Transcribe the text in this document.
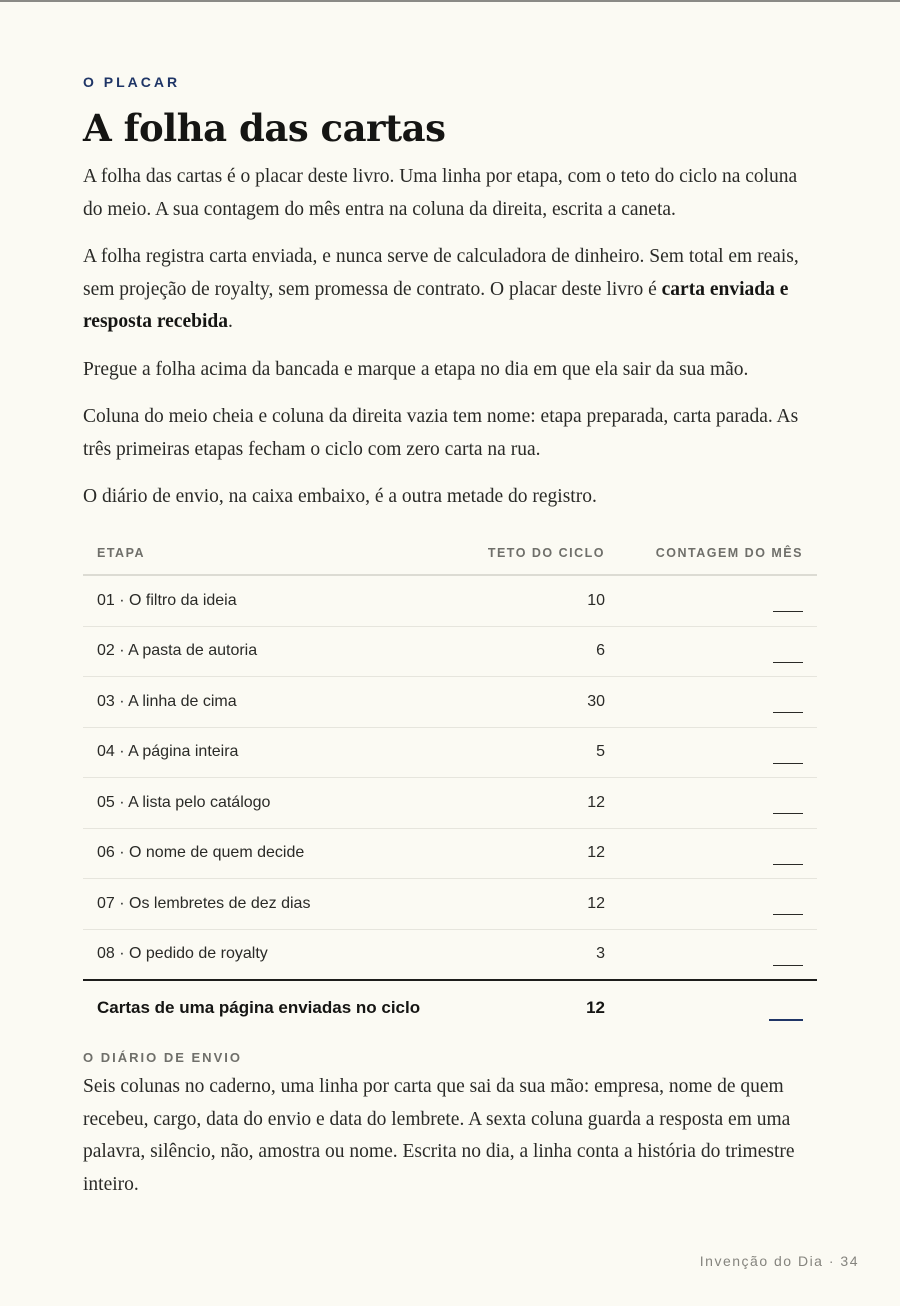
O PLACAR
A folha das cartas

A folha das cartas é o placar deste livro. Uma linha por etapa, com o teto do ciclo na coluna do meio. A sua contagem do mês entra na coluna da direita, escrita a caneta.

A folha registra carta enviada, e nunca serve de calculadora de dinheiro. Sem total em reais, sem projeção de royalty, sem promessa de contrato. O placar deste livro é carta enviada e resposta recebida.

Pregue a folha acima da bancada e marque a etapa no dia em que ela sair da sua mão.

Coluna do meio cheia e coluna da direita vazia tem nome: etapa preparada, carta parada. As três primeiras etapas fecham o ciclo com zero carta na rua.

O diário de envio, na caixa embaixo, é a outra metade do registro.

ETAPA	TETO DO CICLO	CONTAGEM DO MÊS
01 · O filtro da ideia	10	
02 · A pasta de autoria	6	
03 · A linha de cima	30	
04 · A página inteira	5	
05 · A lista pelo catálogo	12	
06 · O nome de quem decide	12	
07 · Os lembretes de dez dias	12	
08 · O pedido de royalty	3	
Cartas de uma página enviadas no ciclo	12	
O DIÁRIO DE ENVIO

Seis colunas no caderno, uma linha por carta que sai da sua mão: empresa, nome de quem recebeu, cargo, data do envio e data do lembrete. A sexta coluna guarda a resposta em uma palavra, silêncio, não, amostra ou nome. Escrita no dia, a linha conta a história do trimestre inteiro.

Invenção do Dia · 34
